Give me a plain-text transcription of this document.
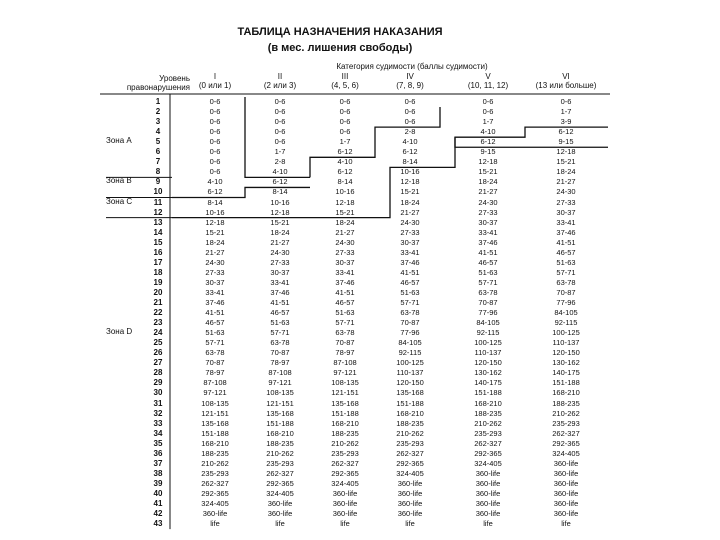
ТАБЛИЦА НАЗНАЧЕНИЯ НАКАЗАНИЯ
(в мес. лишения свободы)
Категория судимости (баллы судимости)
Уровень
правонарушения
I
(0 или 1)
II
(2 или 3)
III
(4, 5, 6)
IV
(7, 8, 9)
V
(10, 11, 12)
VI
(13 или больше)
Зона А
Зона В
Зона С
Зона D
1	0-6	0-6	0-6	0-6	0-6	0-6
2	0-6	0-6	0-6	0-6	0-6	1-7
3	0-6	0-6	0-6	0-6	1-7	3-9
4	0-6	0-6	0-6	2-8	4-10	6-12
5	0-6	0-6	1-7	4-10	6-12	9-15
6	0-6	1-7	6-12	6-12	9-15	12-18
7	0-6	2-8	4-10	8-14	12-18	15-21
8	0-6	4-10	6-12	10-16	15-21	18-24
9	4-10	6-12	8-14	12-18	18-24	21-27
10	6-12	8-14	10-16	15-21	21-27	24-30
11	8-14	10-16	12-18	18-24	24-30	27-33
12	10-16	12-18	15-21	21-27	27-33	30-37
13	12-18	15-21	18-24	24-30	30-37	33-41
14	15-21	18-24	21-27	27-33	33-41	37-46
15	18-24	21-27	24-30	30-37	37-46	41-51
16	21-27	24-30	27-33	33-41	41-51	46-57
17	24-30	27-33	30-37	37-46	46-57	51-63
18	27-33	30-37	33-41	41-51	51-63	57-71
19	30-37	33-41	37-46	46-57	57-71	63-78
20	33-41	37-46	41-51	51-63	63-78	70-87
21	37-46	41-51	46-57	57-71	70-87	77-96
22	41-51	46-57	51-63	63-78	77-96	84-105
23	46-57	51-63	57-71	70-87	84-105	92-115
24	51-63	57-71	63-78	77-96	92-115	100-125
25	57-71	63-78	70-87	84-105	100-125	110-137
26	63-78	70-87	78-97	92-115	110-137	120-150
27	70-87	78-97	87-108	100-125	120-150	130-162
28	78-97	87-108	97-121	110-137	130-162	140-175
29	87-108	97-121	108-135	120-150	140-175	151-188
30	97-121	108-135	121-151	135-168	151-188	168-210
31	108-135	121-151	135-168	151-188	168-210	188-235
32	121-151	135-168	151-188	168-210	188-235	210-262
33	135-168	151-188	168-210	188-235	210-262	235-293
34	151-188	168-210	188-235	210-262	235-293	262-327
35	168-210	188-235	210-262	235-293	262-327	292-365
36	188-235	210-262	235-293	262-327	292-365	324-405
37	210-262	235-293	262-327	292-365	324-405	360-life
38	235-293	262-327	292-365	324-405	360-life	360-life
39	262-327	292-365	324-405	360-life	360-life	360-life
40	292-365	324-405	360-life	360-life	360-life	360-life
41	324-405	360-life	360-life	360-life	360-life	360-life
42	360-life	360-life	360-life	360-life	360-life	360-life
43	life	life	life	life	life	life
